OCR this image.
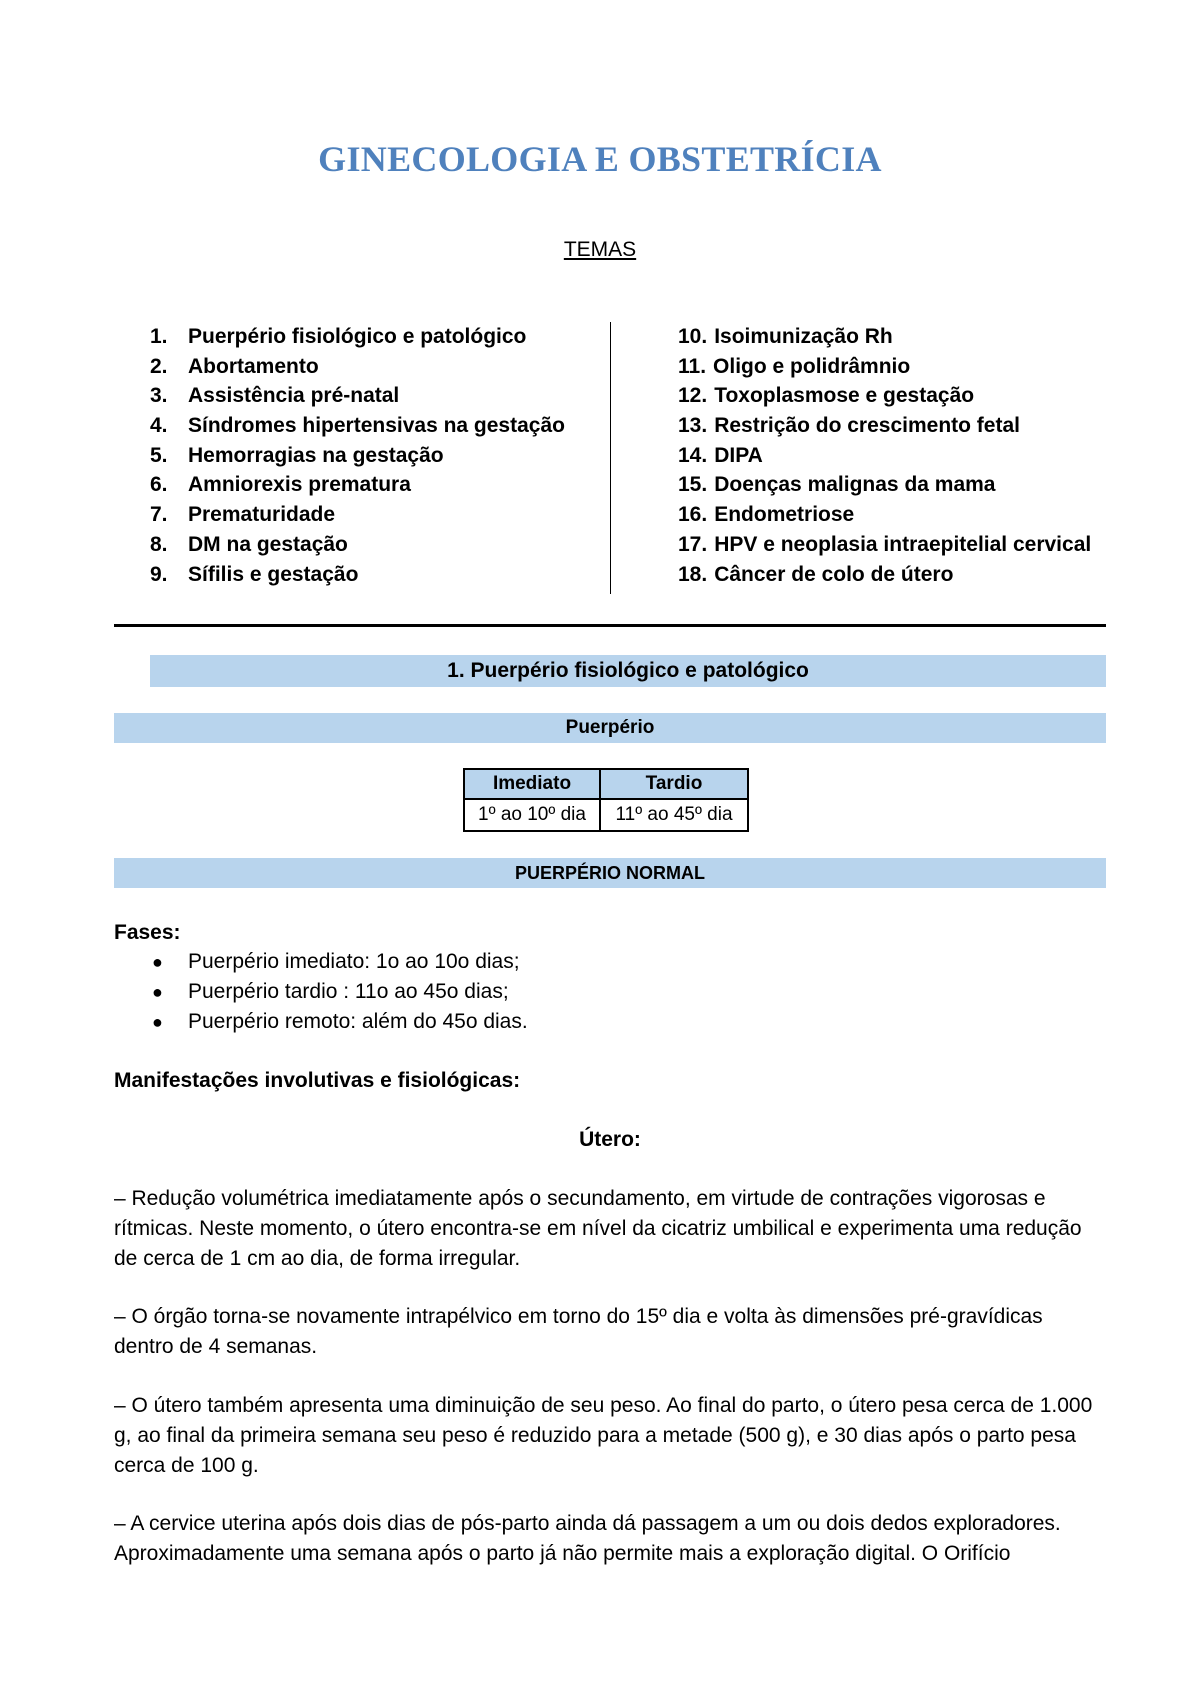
GINECOLOGIA E OBSTETRÍCIA
TEMAS
1. Puerpério fisiológico e patológico
2. Abortamento
3. Assistência pré-natal
4. Síndromes hipertensivas na gestação
5. Hemorragias na gestação
6. Amniorexis prematura
7. Prematuridade
8. DM na gestação
9. Sífilis e gestação
10. Isoimunização Rh
11. Oligo e polidrâmnio
12. Toxoplasmose e gestação
13. Restrição do crescimento fetal
14. DIPA
15. Doenças malignas da mama
16. Endometriose
17. HPV e neoplasia intraepitelial cervical
18. Câncer de colo de útero
1. Puerpério fisiológico e patológico
Puerpério
Imediato	Tardio
1º ao 10º dia	11º ao 45º dia
PUERPÉRIO NORMAL
Fases:
● Puerpério imediato: 1o ao 10o dias;
● Puerpério tardio : 11o ao 45o dias;
● Puerpério remoto: além do 45o dias.
Manifestações involutivas e fisiológicas:
Útero:
– Redução volumétrica imediatamente após o secundamento, em virtude de contrações vigorosas e rítmicas. Neste momento, o útero encontra-se em nível da cicatriz umbilical e experimenta uma redução de cerca de 1 cm ao dia, de forma irregular.
– O órgão torna-se novamente intrapélvico em torno do 15º dia e volta às dimensões pré-gravídicas dentro de 4 semanas.
– O útero também apresenta uma diminuição de seu peso. Ao final do parto, o útero pesa cerca de 1.000 g, ao final da primeira semana seu peso é reduzido para a metade (500 g), e 30 dias após o parto pesa cerca de 100 g.
– A cervice uterina após dois dias de pós-parto ainda dá passagem a um ou dois dedos exploradores. Aproximadamente uma semana após o parto já não permite mais a exploração digital. O Orifício
